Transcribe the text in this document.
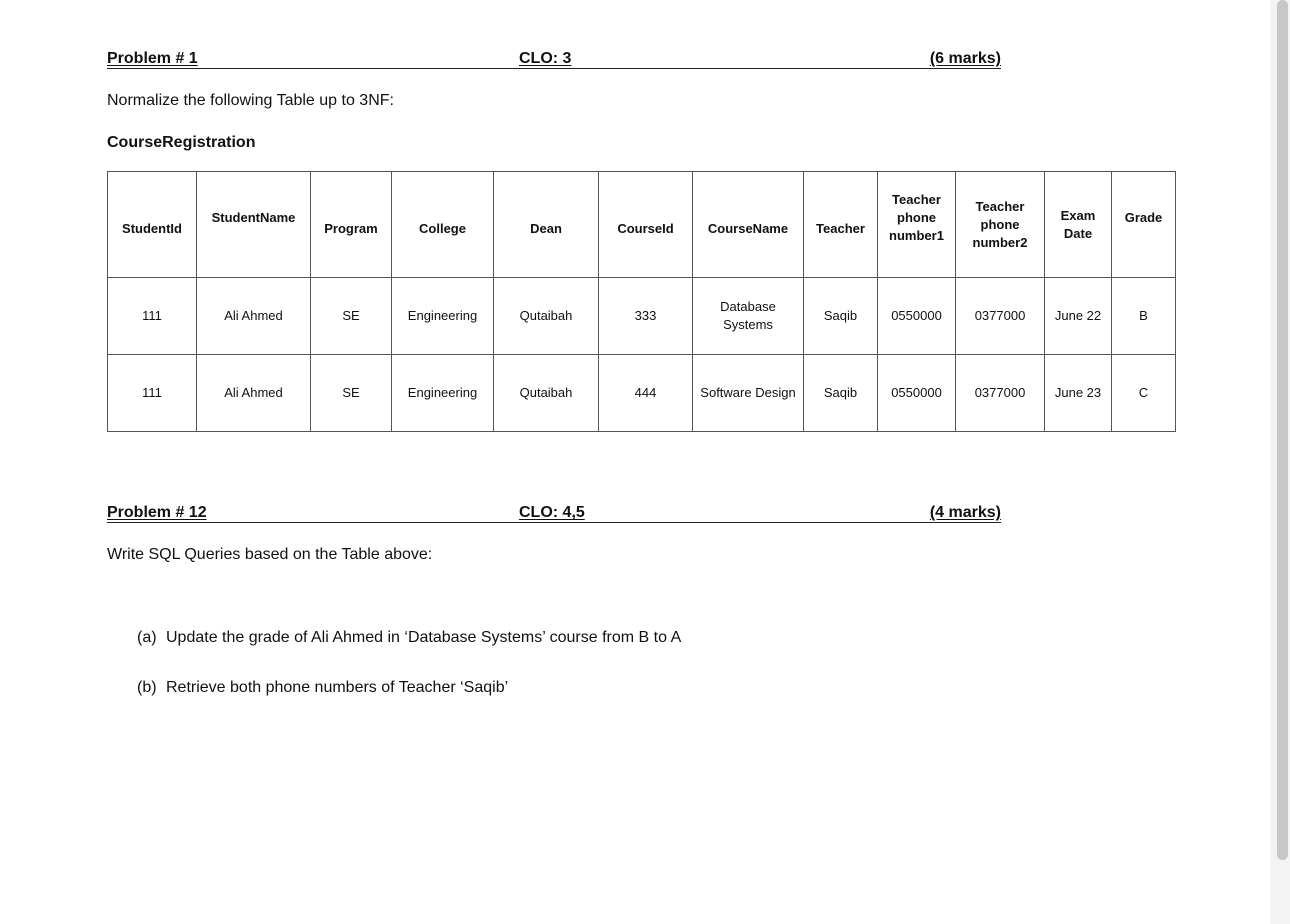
Problem # 1	CLO: 3	(6 marks)
Normalize the following Table up to 3NF:
CourseRegistration
StudentId	StudentName	Program	College	Dean	CourseId	CourseName	Teacher	Teacher phone number1	Teacher phone number2	Exam Date	Grade
111	Ali Ahmed	SE	Engineering	Qutaibah	333	Database Systems	Saqib	0550000	0377000	June 22	B
111	Ali Ahmed	SE	Engineering	Qutaibah	444	Software Design	Saqib	0550000	0377000	June 23	C
Problem # 12	CLO: 4,5	(4 marks)
Write SQL Queries based on the Table above:
(a) Update the grade of Ali Ahmed in ‘Database Systems’ course from B to A
(b) Retrieve both phone numbers of Teacher ‘Saqib’
